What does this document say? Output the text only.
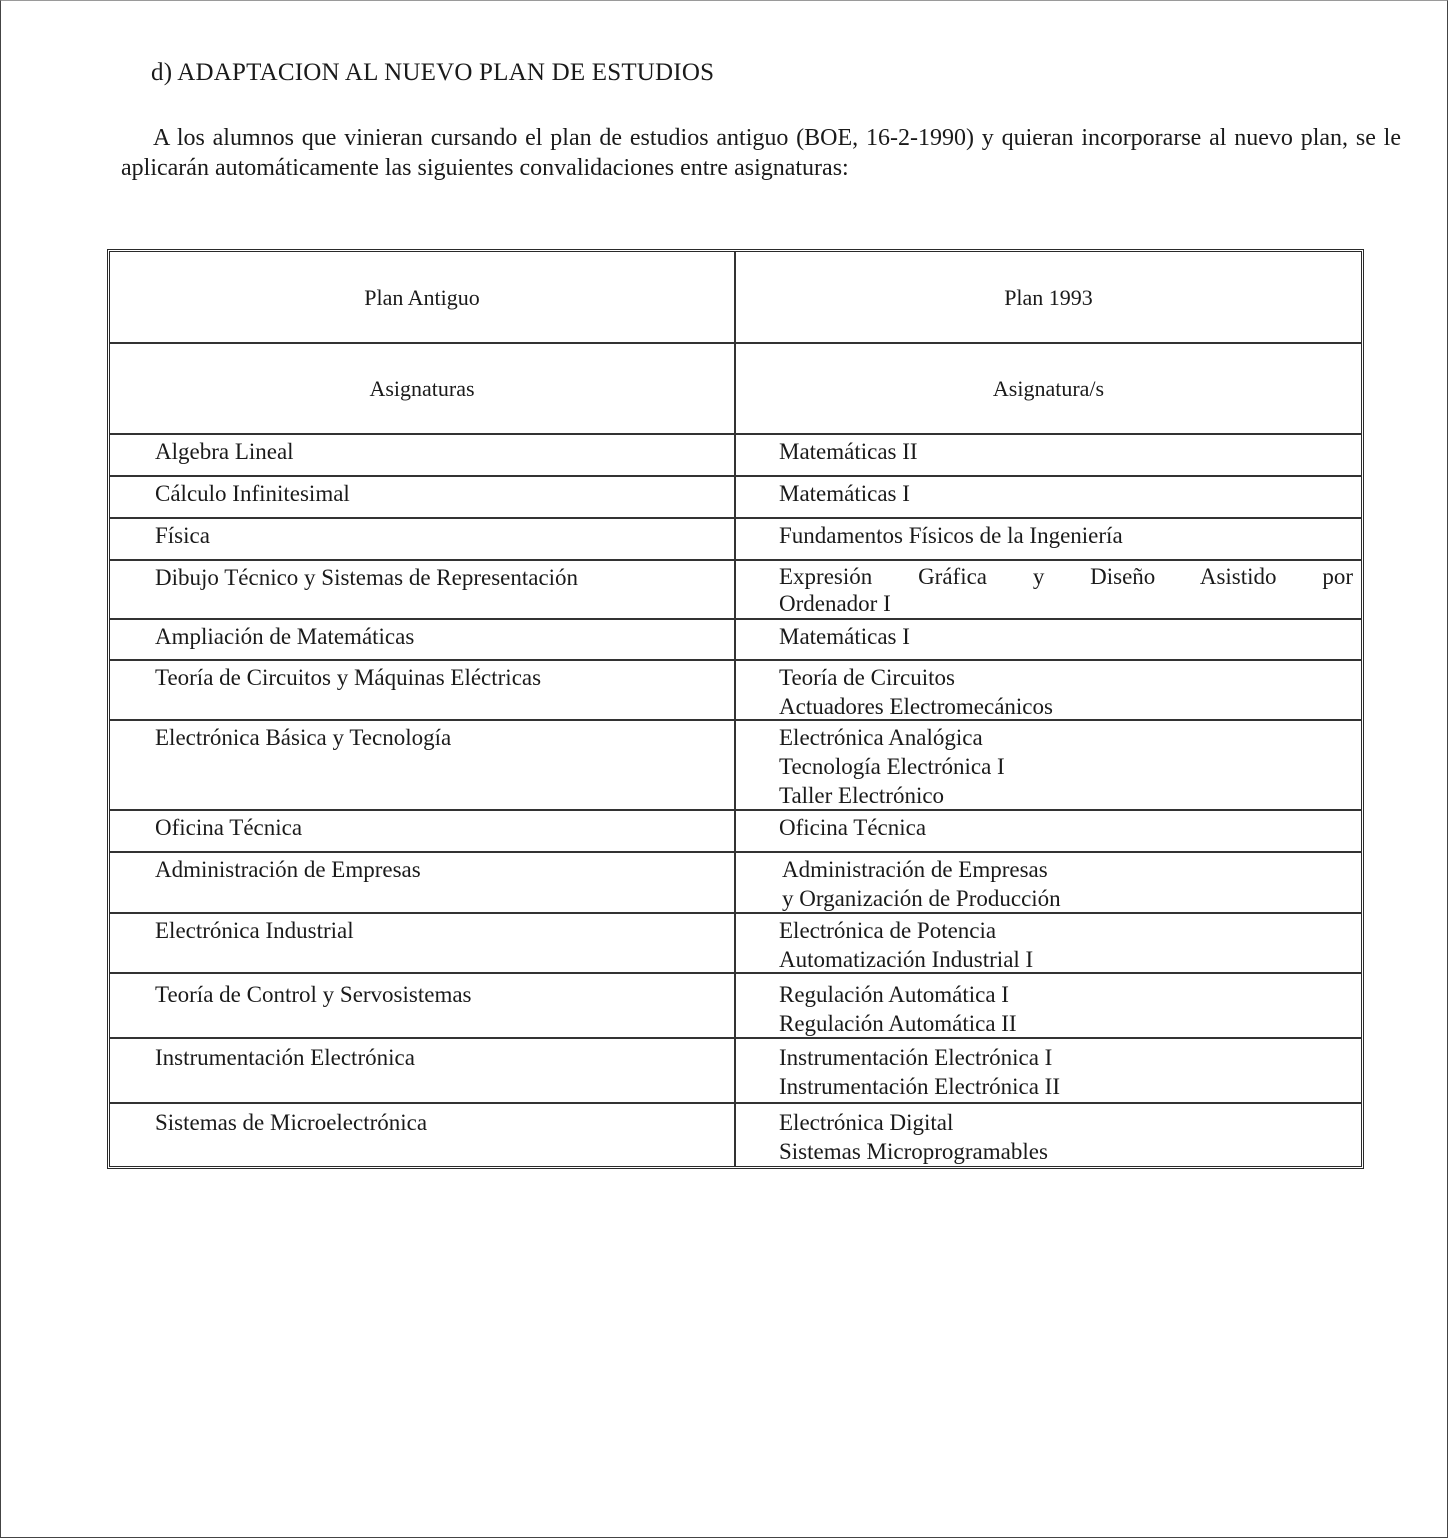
d) ADAPTACION AL NUEVO PLAN DE ESTUDIOS
A los alumnos que vinieran cursando el plan de estudios antiguo (BOE, 16-2-1990) y quieran incorporarse al nuevo plan, se le aplicarán automáticamente las siguientes convalidaciones entre asignaturas:
Plan Antiguo	Plan 1993
Asignaturas	Asignatura/s
Algebra Lineal	Matemáticas II
Cálculo Infinitesimal	Matemáticas I
Física	Fundamentos Físicos de la Ingeniería
Dibujo Técnico y Sistemas de Representación	Expresión Gráfica y Diseño Asistido por
Ordenador I
Ampliación de Matemáticas	Matemáticas I
Teoría de Circuitos y Máquinas Eléctricas	Teoría de Circuitos
Actuadores Electromecánicos
Electrónica Básica y Tecnología	Electrónica Analógica
Tecnología Electrónica I
Taller Electrónico
Oficina Técnica	Oficina Técnica
Administración de Empresas	Administración de Empresas
y Organización de Producción
Electrónica Industrial	Electrónica de Potencia
Automatización Industrial I
Teoría de Control y Servosistemas	Regulación Automática I
Regulación Automática II
Instrumentación Electrónica	Instrumentación Electrónica I
Instrumentación Electrónica II
Sistemas de Microelectrónica	Electrónica Digital
Sistemas Microprogramables
